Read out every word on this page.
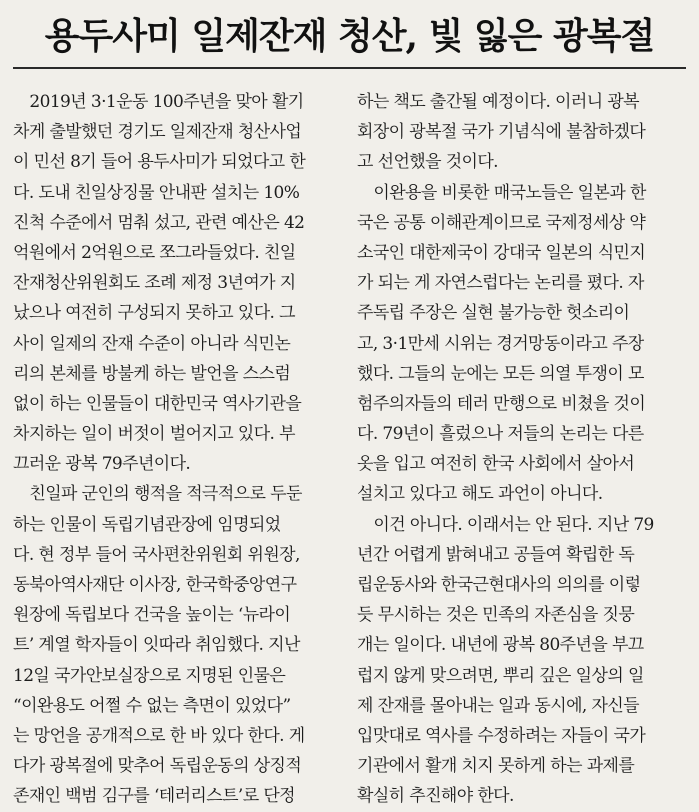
용두사미 일제잔재 청산, 빛 잃은 광복절
　2019년 3·1운동 100주년을 맞아 활기
차게 출발했던 경기도 일제잔재 청산사업
이 민선 8기 들어 용두사미가 되었다고 한
다. 도내 친일상징물 안내판 설치는 10%
진척 수준에서 멈춰 섰고, 관련 예산은 42
억원에서 2억원으로 쪼그라들었다. 친일
잔재청산위원회도 조례 제정 3년여가 지
났으나 여전히 구성되지 못하고 있다. 그
사이 일제의 잔재 수준이 아니라 식민논
리의 본체를 방불케 하는 발언을 스스럼
없이 하는 인물들이 대한민국 역사기관을
차지하는 일이 버젓이 벌어지고 있다. 부
끄러운 광복 79주년이다.
　친일파 군인의 행적을 적극적으로 두둔
하는 인물이 독립기념관장에 임명되었
다. 현 정부 들어 국사편찬위원회 위원장,
동북아역사재단 이사장, 한국학중앙연구
원장에 독립보다 건국을 높이는 ‘뉴라이
트’ 계열 학자들이 잇따라 취임했다. 지난
12일 국가안보실장으로 지명된 인물은
“이완용도 어쩔 수 없는 측면이 있었다”
는 망언을 공개적으로 한 바 있다 한다. 게
다가 광복절에 맞추어 독립운동의 상징적
존재인 백범 김구를 ‘테러리스트’로 단정
하는 책도 출간될 예정이다. 이러니 광복
회장이 광복절 국가 기념식에 불참하겠다
고 선언했을 것이다.
　이완용을 비롯한 매국노들은 일본과 한
국은 공통 이해관계이므로 국제정세상 약
소국인 대한제국이 강대국 일본의 식민지
가 되는 게 자연스럽다는 논리를 폈다. 자
주독립 주장은 실현 불가능한 헛소리이
고, 3·1만세 시위는 경거망동이라고 주장
했다. 그들의 눈에는 모든 의열 투쟁이 모
험주의자들의 테러 만행으로 비쳤을 것이
다. 79년이 흘렀으나 저들의 논리는 다른
옷을 입고 여전히 한국 사회에서 살아서
설치고 있다고 해도 과언이 아니다.
　이건 아니다. 이래서는 안 된다. 지난 79
년간 어렵게 밝혀내고 공들여 확립한 독
립운동사와 한국근현대사의 의의를 이렇
듯 무시하는 것은 민족의 자존심을 짓뭉
개는 일이다. 내년에 광복 80주년을 부끄
럽지 않게 맞으려면, 뿌리 깊은 일상의 일
제 잔재를 몰아내는 일과 동시에, 자신들
입맛대로 역사를 수정하려는 자들이 국가
기관에서 활개 치지 못하게 하는 과제를
확실히 추진해야 한다.
